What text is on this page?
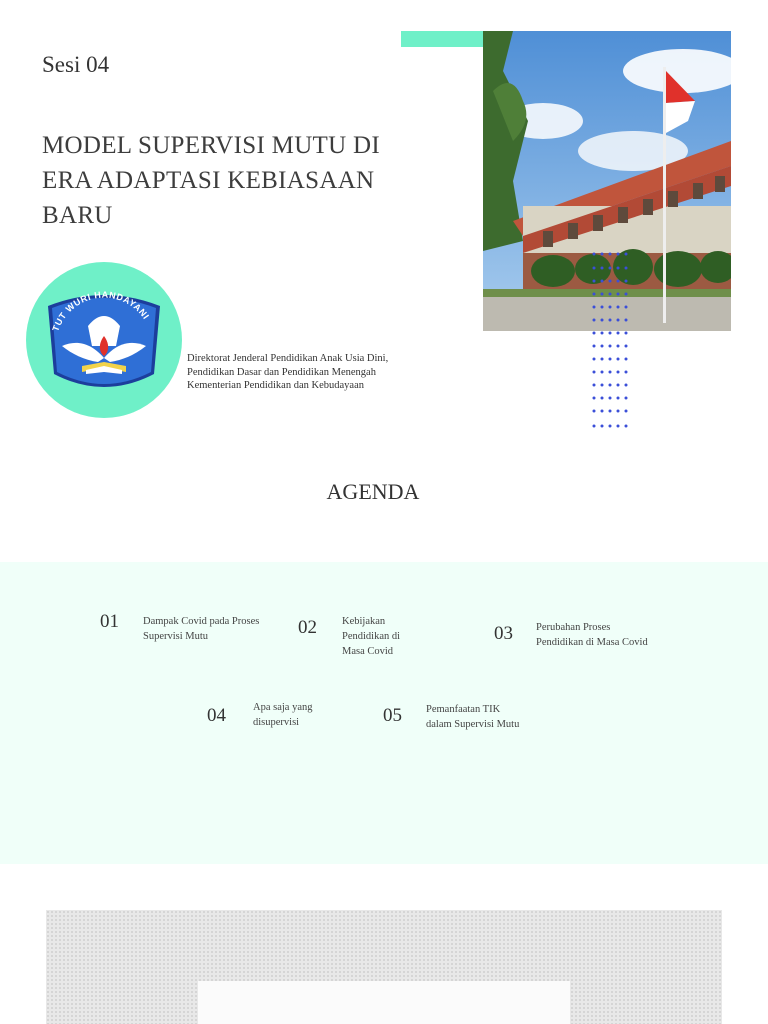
Sesi 04
MODEL SUPERVISI MUTU DI
ERA ADAPTASI KEBIASAAN
BARU
TUT WURI HANDAYANI
Direktorat Jenderal Pendidikan Anak Usia Dini, Pendidikan Dasar dan Pendidikan Menengah Kementerian Pendidikan dan Kebudayaan
AGENDA
01 Dampak Covid pada Proses Supervisi Mutu	02 Kebijakan Pendidikan di Masa Covid
03 Perubahan Proses Pendidikan di Masa Covid
04	Apa saja yang disupervisi	05 Pemanfaatan TIK dalam Supervisi Mutu
